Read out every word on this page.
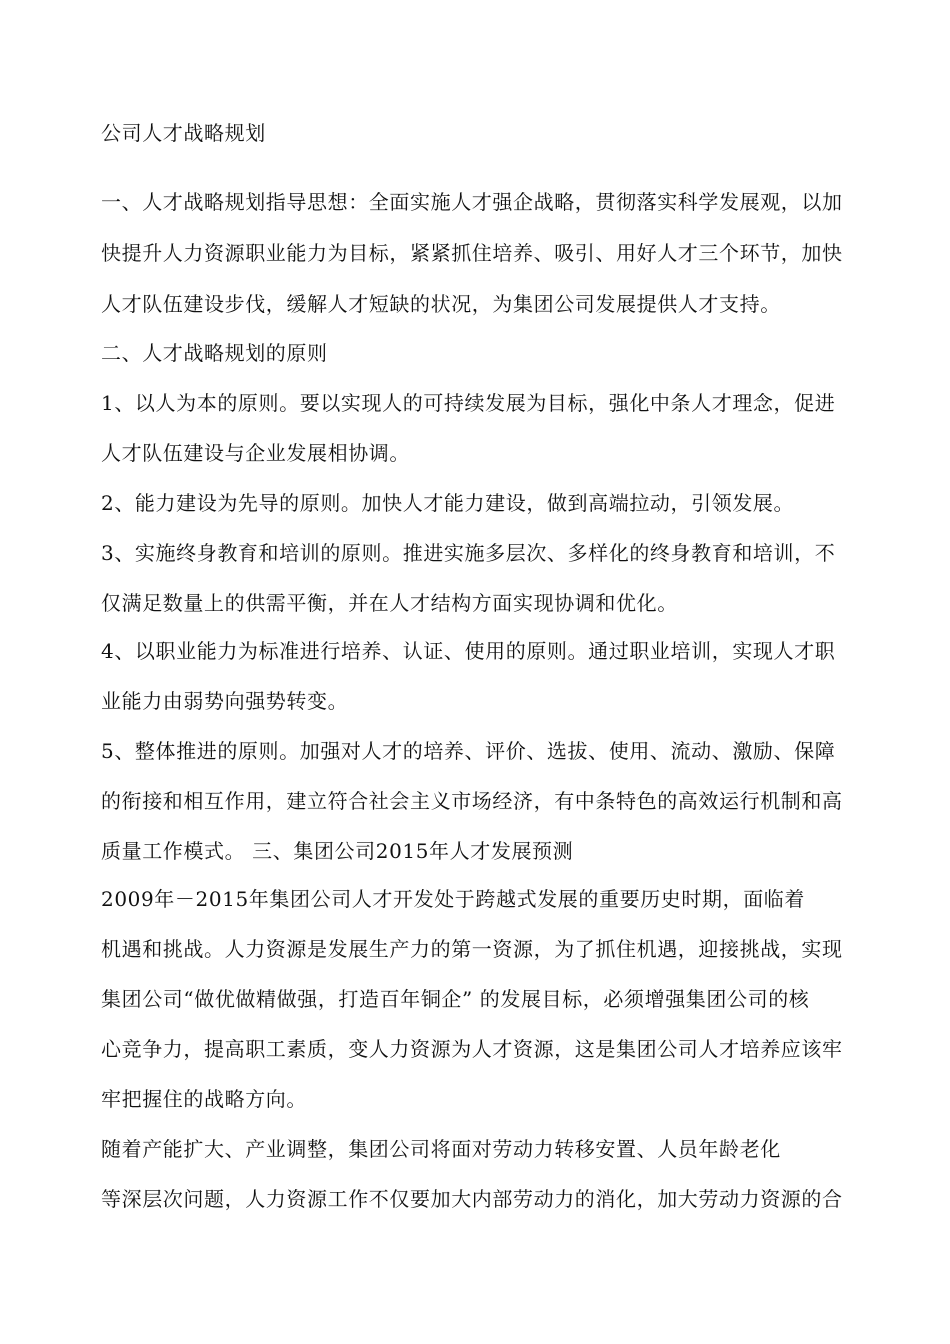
公司人才战略规划
一、人才战略规划指导思想：全面实施人才强企战略，贯彻落实科学发展观，以加
快提升人力资源职业能力为目标，紧紧抓住培养、吸引、用好人才三个环节，加快
人才队伍建设步伐，缓解人才短缺的状况，为集团公司发展提供人才支持。
二、人才战略规划的原则
1、以人为本的原则。要以实现人的可持续发展为目标，强化中条人才理念，促进
人才队伍建设与企业发展相协调。
2、能力建设为先导的原则。加快人才能力建设，做到高端拉动，引领发展。
3、实施终身教育和培训的原则。推进实施多层次、多样化的终身教育和培训，不
仅满足数量上的供需平衡，并在人才结构方面实现协调和优化。
4、以职业能力为标准进行培养、认证、使用的原则。通过职业培训，实现人才职
业能力由弱势向强势转变。
5、整体推进的原则。加强对人才的培养、评价、选拔、使用、流动、激励、保障
的衔接和相互作用，建立符合社会主义市场经济，有中条特色的高效运行机制和高
质量工作模式。 三、集团公司2015年人才发展预测
2009年－2015年集团公司人才开发处于跨越式发展的重要历史时期，面临着
机遇和挑战。人力资源是发展生产力的第一资源，为了抓住机遇，迎接挑战，实现
集团公司“做优做精做强，打造百年铜企” 的发展目标，必须增强集团公司的核
心竞争力，提高职工素质，变人力资源为人才资源，这是集团公司人才培养应该牢
牢把握住的战略方向。
随着产能扩大、产业调整，集团公司将面对劳动力转移安置、人员年龄老化
等深层次问题，人力资源工作不仅要加大内部劳动力的消化，加大劳动力资源的合
